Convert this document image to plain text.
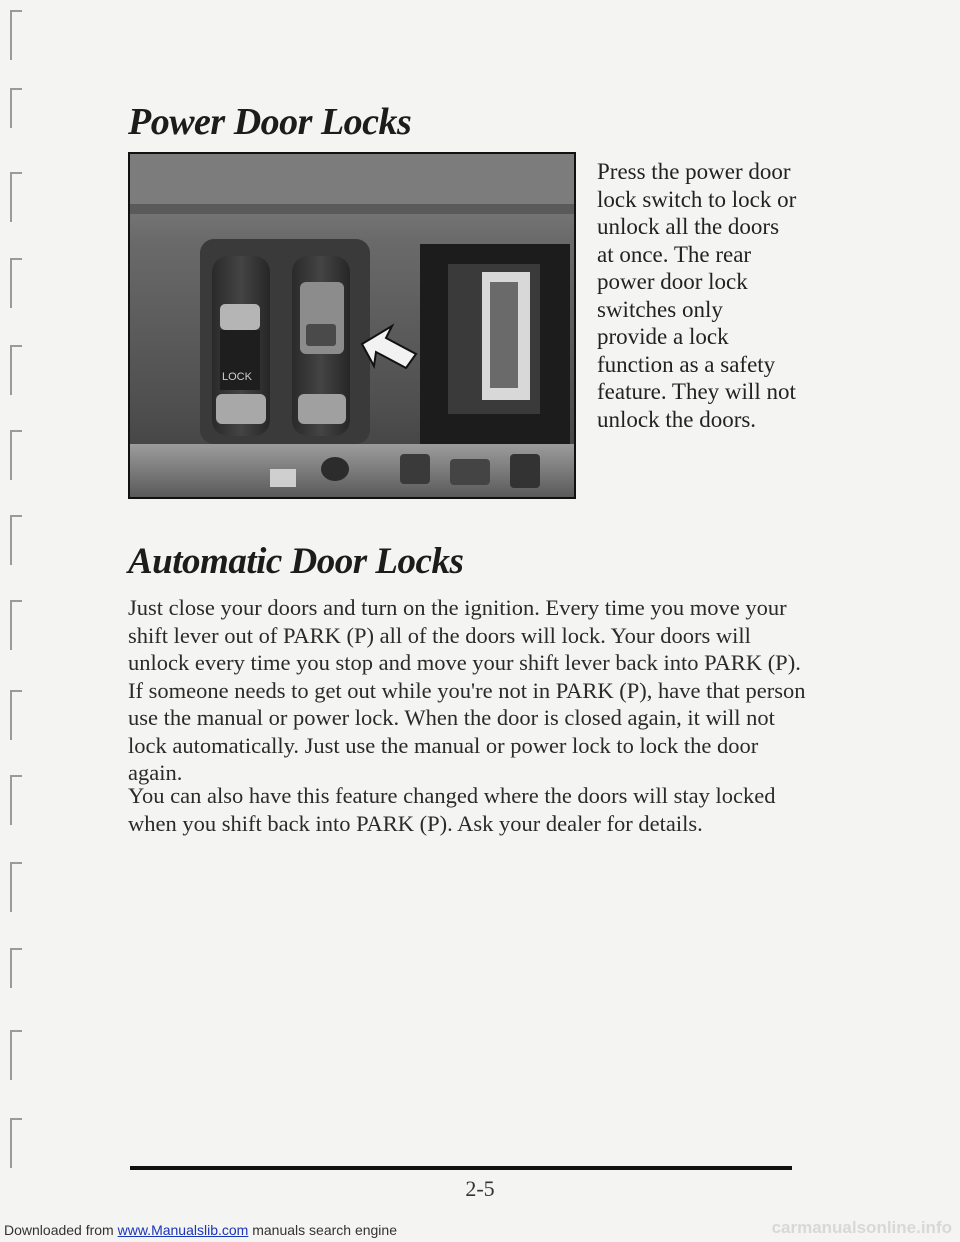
Power Door Locks
LOCK
Press the power door lock switch to lock or unlock all the doors at once. The rear power door lock switches only provide a lock function as a safety feature. They will not unlock the doors.
Automatic Door Locks
Just close your doors and turn on the ignition. Every time you move your shift lever out of PARK (P) all of the doors will lock. Your doors will unlock every time you stop and move your shift lever back into PARK (P). If someone needs to get out while you're not in PARK (P), have that person use the manual or power lock. When the door is closed again, it will not lock automatically. Just use the manual or power lock to lock the door again.
You can also have this feature changed where the doors will stay locked when you shift back into PARK (P). Ask your dealer for details.
2-5
Downloaded from www.Manualslib.com manuals search engine	carmanualsonline.info
